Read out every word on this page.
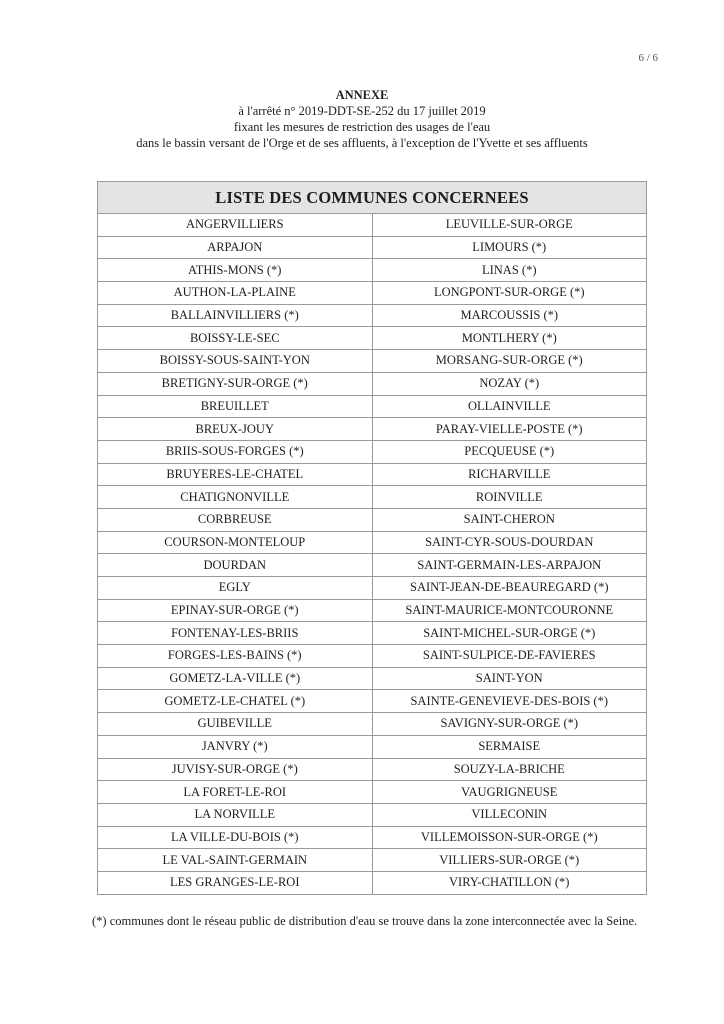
6 / 6
ANNEXE
à l'arrêté n° 2019-DDT-SE-252 du 17 juillet 2019
fixant les mesures de restriction des usages de l'eau
dans le bassin versant de l'Orge et de ses affluents, à l'exception de l'Yvette et ses affluents
LISTE DES COMMUNES CONCERNEES	
ANGERVILLIERS	LEUVILLE-SUR-ORGE
ARPAJON	LIMOURS (*)
ATHIS-MONS (*)	LINAS (*)
AUTHON-LA-PLAINE	LONGPONT-SUR-ORGE (*)
BALLAINVILLIERS (*)	MARCOUSSIS (*)
BOISSY-LE-SEC	MONTLHERY (*)
BOISSY-SOUS-SAINT-YON	MORSANG-SUR-ORGE (*)
BRETIGNY-SUR-ORGE (*)	NOZAY (*)
BREUILLET	OLLAINVILLE
BREUX-JOUY	PARAY-VIELLE-POSTE (*)
BRIIS-SOUS-FORGES (*)	PECQUEUSE (*)
BRUYERES-LE-CHATEL	RICHARVILLE
CHATIGNONVILLE	ROINVILLE
CORBREUSE	SAINT-CHERON
COURSON-MONTELOUP	SAINT-CYR-SOUS-DOURDAN
DOURDAN	SAINT-GERMAIN-LES-ARPAJON
EGLY	SAINT-JEAN-DE-BEAUREGARD (*)
EPINAY-SUR-ORGE (*)	SAINT-MAURICE-MONTCOURONNE
FONTENAY-LES-BRIIS	SAINT-MICHEL-SUR-ORGE (*)
FORGES-LES-BAINS (*)	SAINT-SULPICE-DE-FAVIERES
GOMETZ-LA-VILLE (*)	SAINT-YON
GOMETZ-LE-CHATEL (*)	SAINTE-GENEVIEVE-DES-BOIS (*)
GUIBEVILLE	SAVIGNY-SUR-ORGE (*)
JANVRY (*)	SERMAISE
JUVISY-SUR-ORGE (*)	SOUZY-LA-BRICHE
LA FORET-LE-ROI	VAUGRIGNEUSE
LA NORVILLE	VILLECONIN
LA VILLE-DU-BOIS (*)	VILLEMOISSON-SUR-ORGE (*)
LE VAL-SAINT-GERMAIN	VILLIERS-SUR-ORGE (*)
LES GRANGES-LE-ROI	VIRY-CHATILLON (*)
(*) communes dont le réseau public de distribution d'eau se trouve dans la zone interconnectée avec la Seine.
